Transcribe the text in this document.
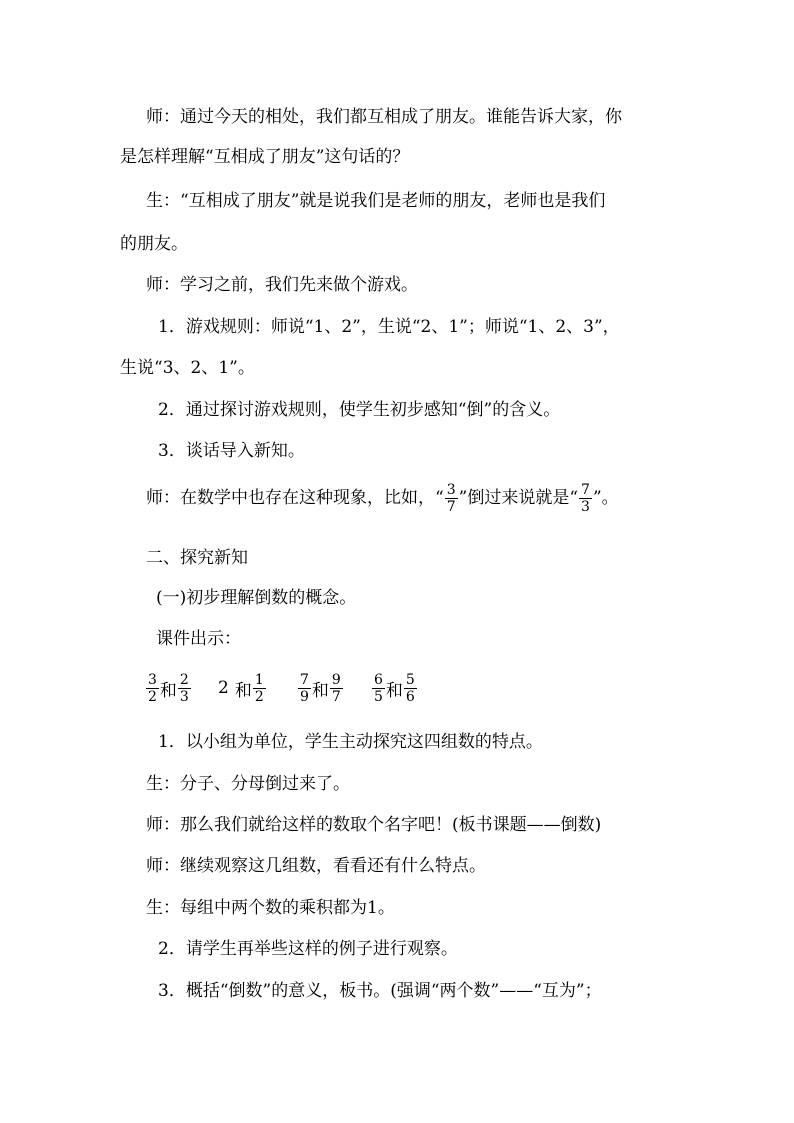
师：通过今天的相处，我们都互相成了朋友。谁能告诉大家，你
是怎样理解“互相成了朋友”这句话的？
生：“互相成了朋友”就是说我们是老师的朋友，老师也是我们
的朋友。
师：学习之前，我们先来做个游戏。
1．游戏规则：师说“1、2”，生说“2、1”；师说“1、2、3”，
生说“3、2、1”。
2．通过探讨游戏规则，使学生初步感知“倒”的含义。
3．谈话导入新知。
师：在数学中也存在这种现象，比如，“ $\frac{3}{7}$ ”倒过来说就是“ $\frac{7}{3}$ ”。
二、探究新知
(一)初步理解倒数的概念。
课件出示：
$\frac{3}{2}$ 和 $\frac{2}{3} 2$ 和 $\frac{1}{2} \frac{7}{9}$ 和 $\frac{9}{7} \frac{6}{5}$ 和 $\frac{5}{6}$
1．以小组为单位，学生主动探究这四组数的特点。
生：分子、分母倒过来了。
师：那么我们就给这样的数取个名字吧！(板书课题——倒数)
师：继续观察这几组数，看看还有什么特点。
生：每组中两个数的乘积都为1。
2．请学生再举些这样的例子进行观察。
3．概括“倒数”的意义，板书。(强调“两个数”——“互为”；
